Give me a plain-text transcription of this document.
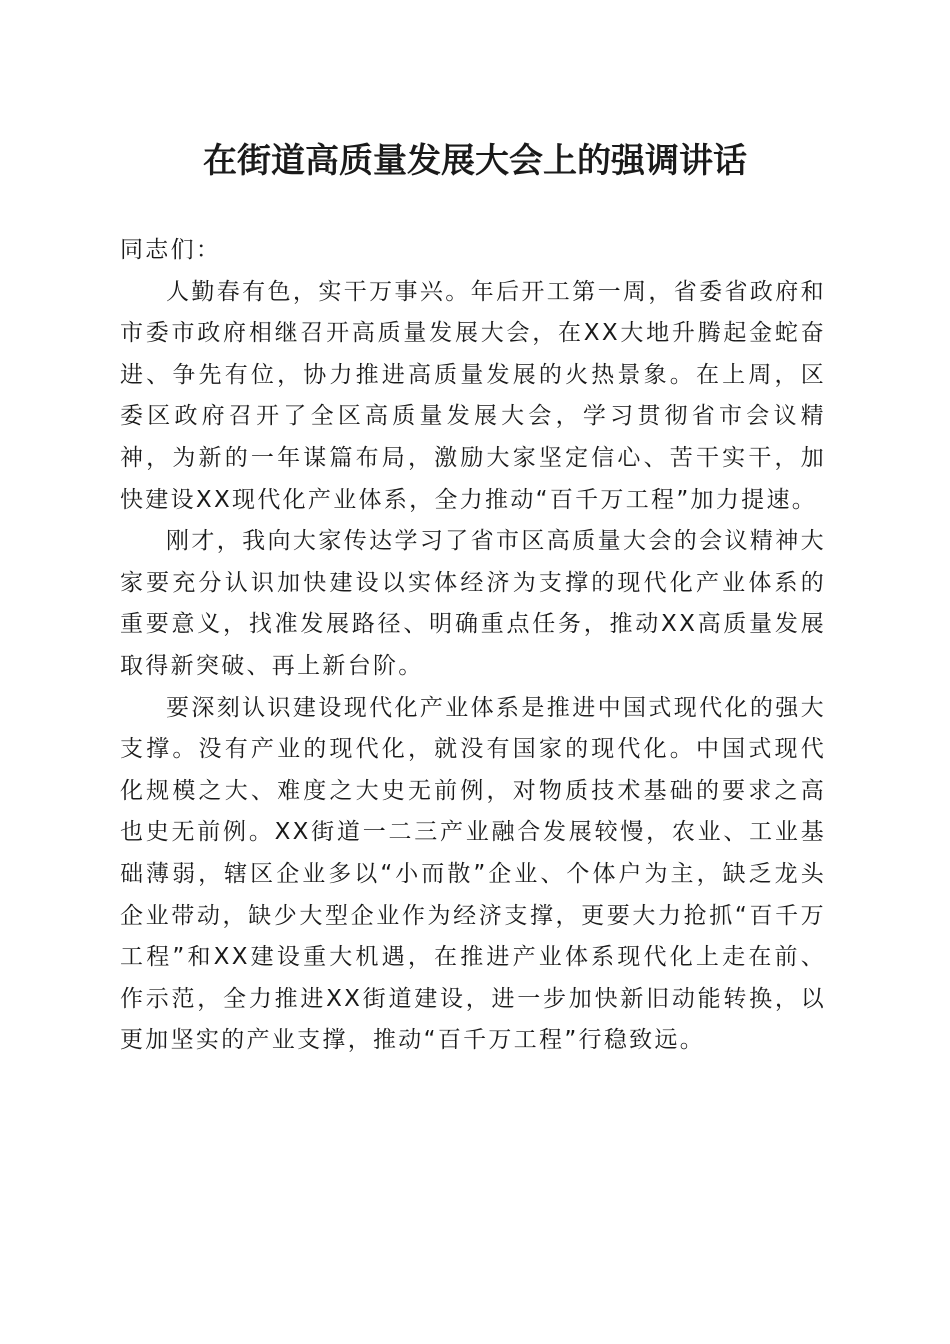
在街道高质量发展大会上的强调讲话

同志们：

人勤春有色，实干万事兴。年后开工第一周，省委省政府和市委市政府相继召开高质量发展大会，在XX大地升腾起金蛇奋进、争先有位，协力推进高质量发展的火热景象。在上周，区委区政府召开了全区高质量发展大会，学习贯彻省市会议精神，为新的一年谋篇布局，激励大家坚定信心、苦干实干，加快建设XX现代化产业体系，全力推动“百千万工程”加力提速。

刚才，我向大家传达学习了省市区高质量大会的会议精神大家要充分认识加快建设以实体经济为支撑的现代化产业体系的重要意义，找准发展路径、明确重点任务，推动XX高质量发展取得新突破、再上新台阶。

要深刻认识建设现代化产业体系是推进中国式现代化的强大支撑。没有产业的现代化，就没有国家的现代化。中国式现代化规模之大、难度之大史无前例，对物质技术基础的要求之高也史无前例。XX街道一二三产业融合发展较慢，农业、工业基础薄弱，辖区企业多以“小而散”企业、个体户为主，缺乏龙头企业带动，缺少大型企业作为经济支撑，更要大力抢抓“百千万工程”和XX建设重大机遇，在推进产业体系现代化上走在前、作示范，全力推进XX街道建设，进一步加快新旧动能转换，以更加坚实的产业支撑，推动“百千万工程”行稳致远。
